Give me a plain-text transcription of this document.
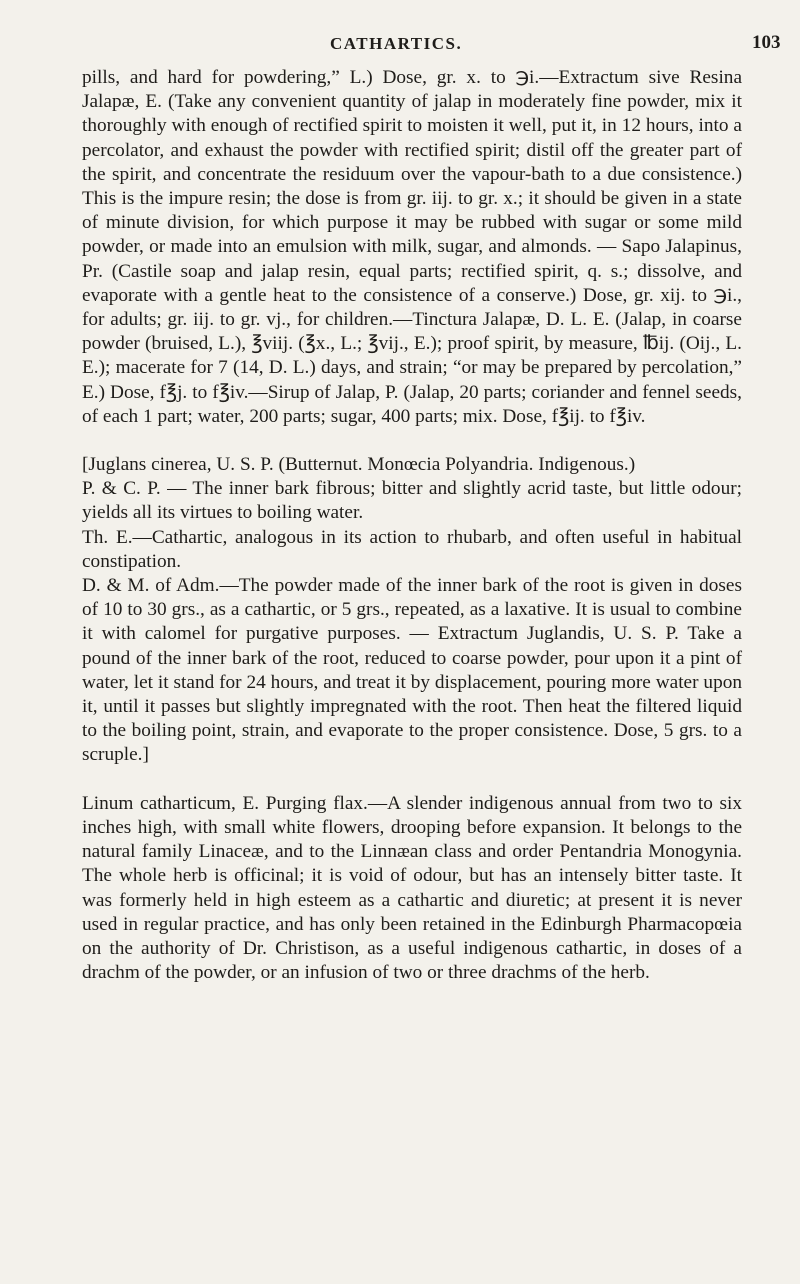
CATHARTICS.	103

pills, and hard for powdering,” L.) Dose, gr. x. to ℈i.—Extractum sive Resina Jalapæ, E. (Take any convenient quantity of jalap in moderately fine powder, mix it thoroughly with enough of rectified spirit to moisten it well, put it, in 12 hours, into a percolator, and exhaust the powder with rectified spirit; distil off the greater part of the spirit, and concentrate the residuum over the vapour-bath to a due consistence.) This is the impure resin; the dose is from gr. iij. to gr. x.; it should be given in a state of minute division, for which purpose it may be rubbed with sugar or some mild powder, or made into an emulsion with milk, sugar, and almonds. — Sapo Jalapinus, Pr. (Castile soap and jalap resin, equal parts; rectified spirit, q. s.; dissolve, and evaporate with a gentle heat to the consistence of a conserve.) Dose, gr. xij. to ℈i., for adults; gr. iij. to gr. vj., for children.—Tinctura Jalapæ, D. L. E. (Jalap, in coarse powder (bruised, L.), ℥viij. (℥x., L.; ℥vij., E.); proof spirit, by measure, ℔ij. (Oij., L. E.); macerate for 7 (14, D. L.) days, and strain; “or may be prepared by percolation,” E.) Dose, f℥j. to f℥iv.—Sirup of Jalap, P. (Jalap, 20 parts; coriander and fennel seeds, of each 1 part; water, 200 parts; sugar, 400 parts; mix. Dose, f℥ij. to f℥iv.

[Juglans cinerea, U. S. P. (Butternut. Monœcia Polyandria. Indigenous.)

P. & C. P. — The inner bark fibrous; bitter and slightly acrid taste, but little odour; yields all its virtues to boiling water.

Th. E.—Cathartic, analogous in its action to rhubarb, and often useful in habitual constipation.

D. & M. of Adm.—The powder made of the inner bark of the root is given in doses of 10 to 30 grs., as a cathartic, or 5 grs., repeated, as a laxative. It is usual to combine it with calomel for purgative purposes. — Extractum Juglandis, U. S. P. Take a pound of the inner bark of the root, reduced to coarse powder, pour upon it a pint of water, let it stand for 24 hours, and treat it by displacement, pouring more water upon it, until it passes but slightly impregnated with the root. Then heat the filtered liquid to the boiling point, strain, and evaporate to the proper consistence. Dose, 5 grs. to a scruple.]

Linum catharticum, E. Purging flax.—A slender indigenous annual from two to six inches high, with small white flowers, drooping before expansion. It belongs to the natural family Linaceæ, and to the Linnæan class and order Pentandria Monogynia. The whole herb is officinal; it is void of odour, but has an intensely bitter taste. It was formerly held in high esteem as a cathartic and diuretic; at present it is never used in regular practice, and has only been retained in the Edinburgh Pharmacopœia on the authority of Dr. Christison, as a useful indigenous cathartic, in doses of a drachm of the powder, or an infusion of two or three drachms of the herb.
